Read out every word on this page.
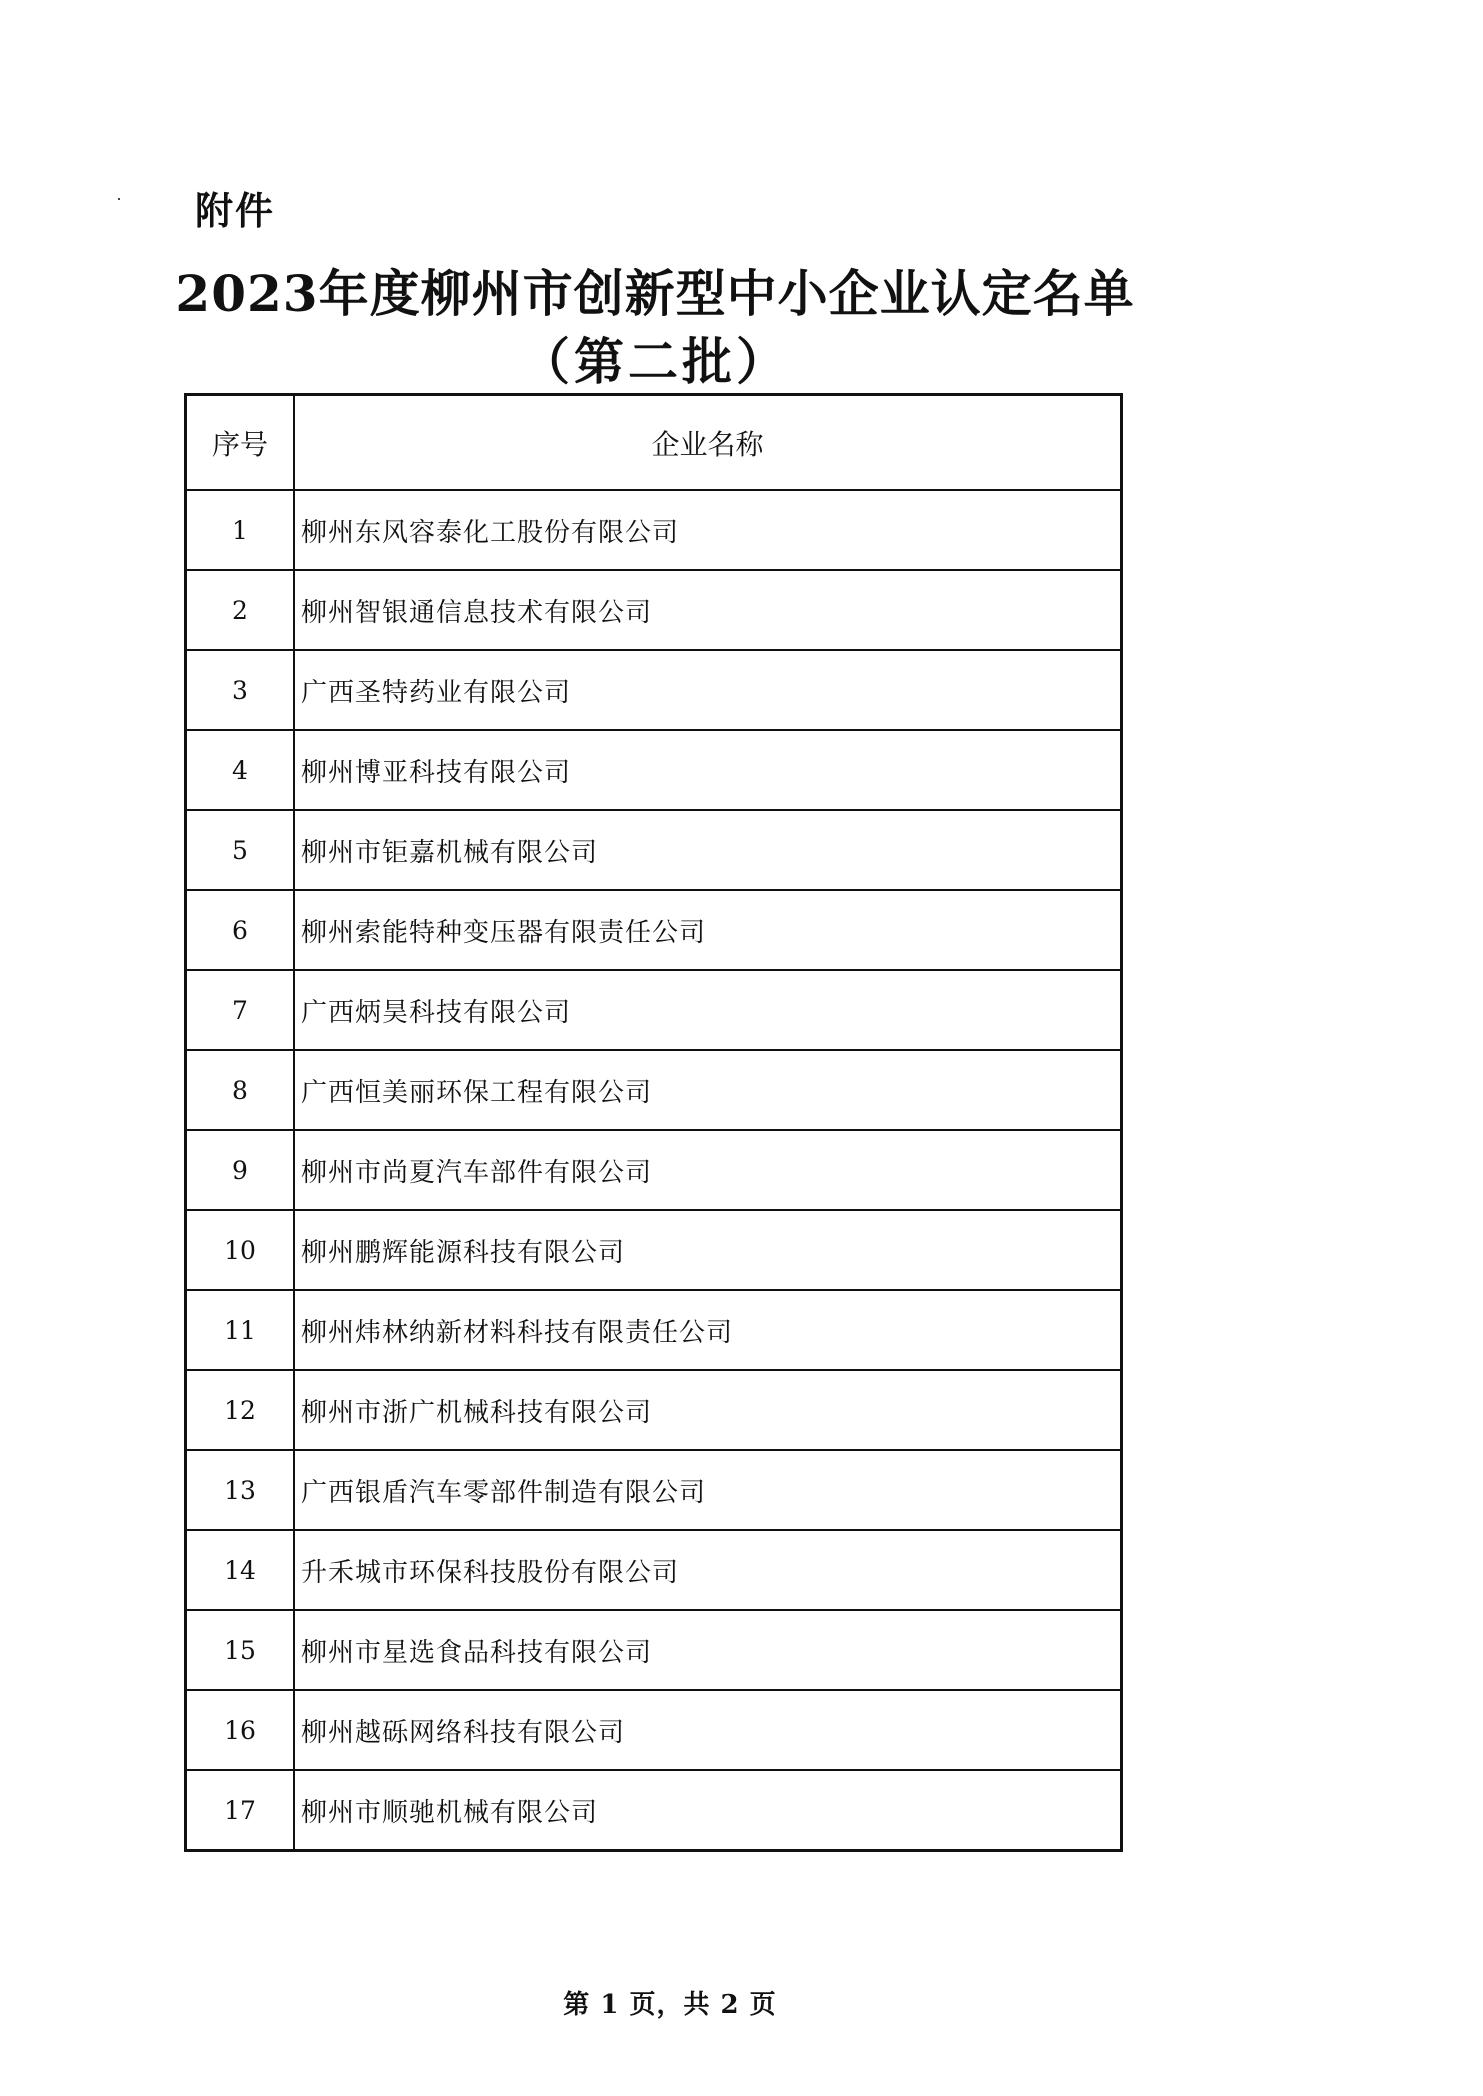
附件
2023年度柳州市创新型中小企业认定名单
（第二批）
序号	企业名称
1	柳州东风容泰化工股份有限公司
2	柳州智银通信息技术有限公司
3	广西圣特药业有限公司
4	柳州博亚科技有限公司
5	柳州市钜嘉机械有限公司
6	柳州索能特种变压器有限责任公司
7	广西炳昊科技有限公司
8	广西恒美丽环保工程有限公司
9	柳州市尚夏汽车部件有限公司
10	柳州鹏辉能源科技有限公司
11	柳州炜林纳新材料科技有限责任公司
12	柳州市浙广机械科技有限公司
13	广西银盾汽车零部件制造有限公司
14	升禾城市环保科技股份有限公司
15	柳州市星选食品科技有限公司
16	柳州越砾网络科技有限公司
17	柳州市顺驰机械有限公司
第 1 页，共 2 页
